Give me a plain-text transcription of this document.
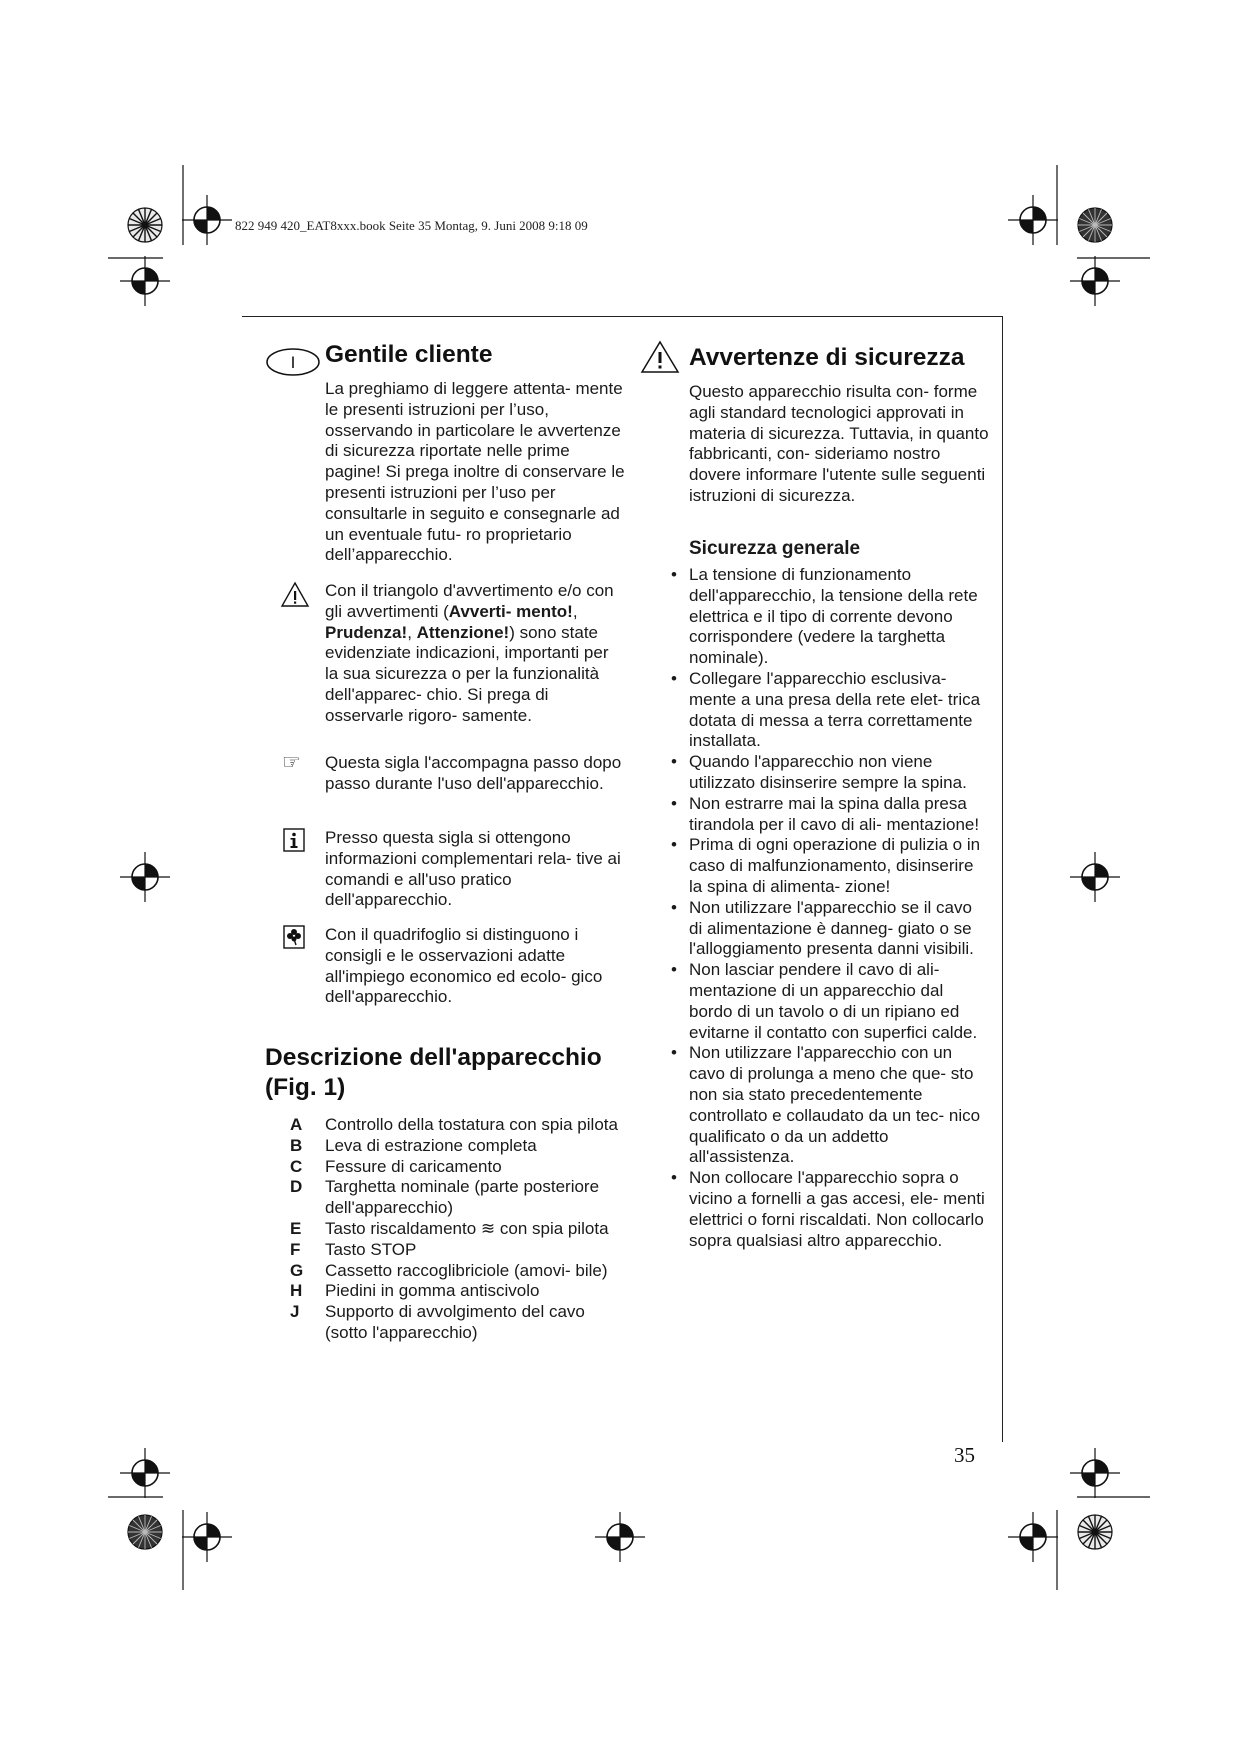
822 949 420_EAT8xxx.book Seite 35 Montag, 9. Juni 2008 9:18 09
I Gentile cliente
La preghiamo di leggere attenta- mente le presenti istruzioni per l’uso, osservando in particolare le avvertenze di sicurezza riportate nelle prime pagine! Si prega inoltre di conservare le presenti istruzioni per l’uso per consultarle in seguito e consegnarle ad un eventuale futu- ro proprietario dell’apparecchio.
Con il triangolo d'avvertimento e/o con gli avvertimenti (Avverti- mento!, Prudenza!, Attenzione!) sono state evidenziate indicazioni, importanti per la sua sicurezza o per la funzionalità dell'apparec- chio. Si prega di osservarle rigoro- samente.
☞ Questa sigla l'accompagna passo dopo passo durante l'uso dell'apparecchio.
Presso questa sigla si ottengono informazioni complementari rela- tive ai comandi e all'uso pratico dell'apparecchio.
Con il quadrifoglio si distinguono i consigli e le osservazioni adatte all'impiego economico ed ecolo- gico dell'apparecchio.
Descrizione dell'apparecchio (Fig. 1)
A	Controllo della tostatura con spia pilota
B	Leva di estrazione completa
C	Fessure di caricamento
D	Targhetta nominale (parte posteriore dell'apparecchio)
E	Tasto riscaldamento ≋ con spia pilota
F	Tasto STOP
G	Cassetto raccoglibriciole (amovi- bile)
H	Piedini in gomma antiscivolo
J	Supporto di avvolgimento del cavo (sotto l'apparecchio)
Avvertenze di sicurezza
Questo apparecchio risulta con- forme agli standard tecnologici approvati in materia di sicurezza. Tuttavia, in quanto fabbricanti, con- sideriamo nostro dovere informare l'utente sulle seguenti istruzioni di sicurezza.
Sicurezza generale
• La tensione di funzionamento dell'apparecchio, la tensione della rete elettrica e il tipo di corrente devono corrispondere (vedere la targhetta nominale).
• Collegare l'apparecchio esclusiva- mente a una presa della rete elet- trica dotata di messa a terra correttamente installata.
• Quando l'apparecchio non viene utilizzato disinserire sempre la spina.
• Non estrarre mai la spina dalla presa tirandola per il cavo di ali- mentazione!
• Prima di ogni operazione di pulizia o in caso di malfunzionamento, disinserire la spina di alimenta- zione!
• Non utilizzare l'apparecchio se il cavo di alimentazione è danneg- giato o se l'alloggiamento presenta danni visibili.
• Non lasciar pendere il cavo di ali- mentazione di un apparecchio dal bordo di un tavolo o di un ripiano ed evitarne il contatto con superfici calde.
• Non utilizzare l'apparecchio con un cavo di prolunga a meno che que- sto non sia stato precedentemente controllato e collaudato da un tec- nico qualificato o da un addetto all'assistenza.
• Non collocare l'apparecchio sopra o vicino a fornelli a gas accesi, ele- menti elettrici o forni riscaldati. Non collocarlo sopra qualsiasi altro apparecchio.
35
